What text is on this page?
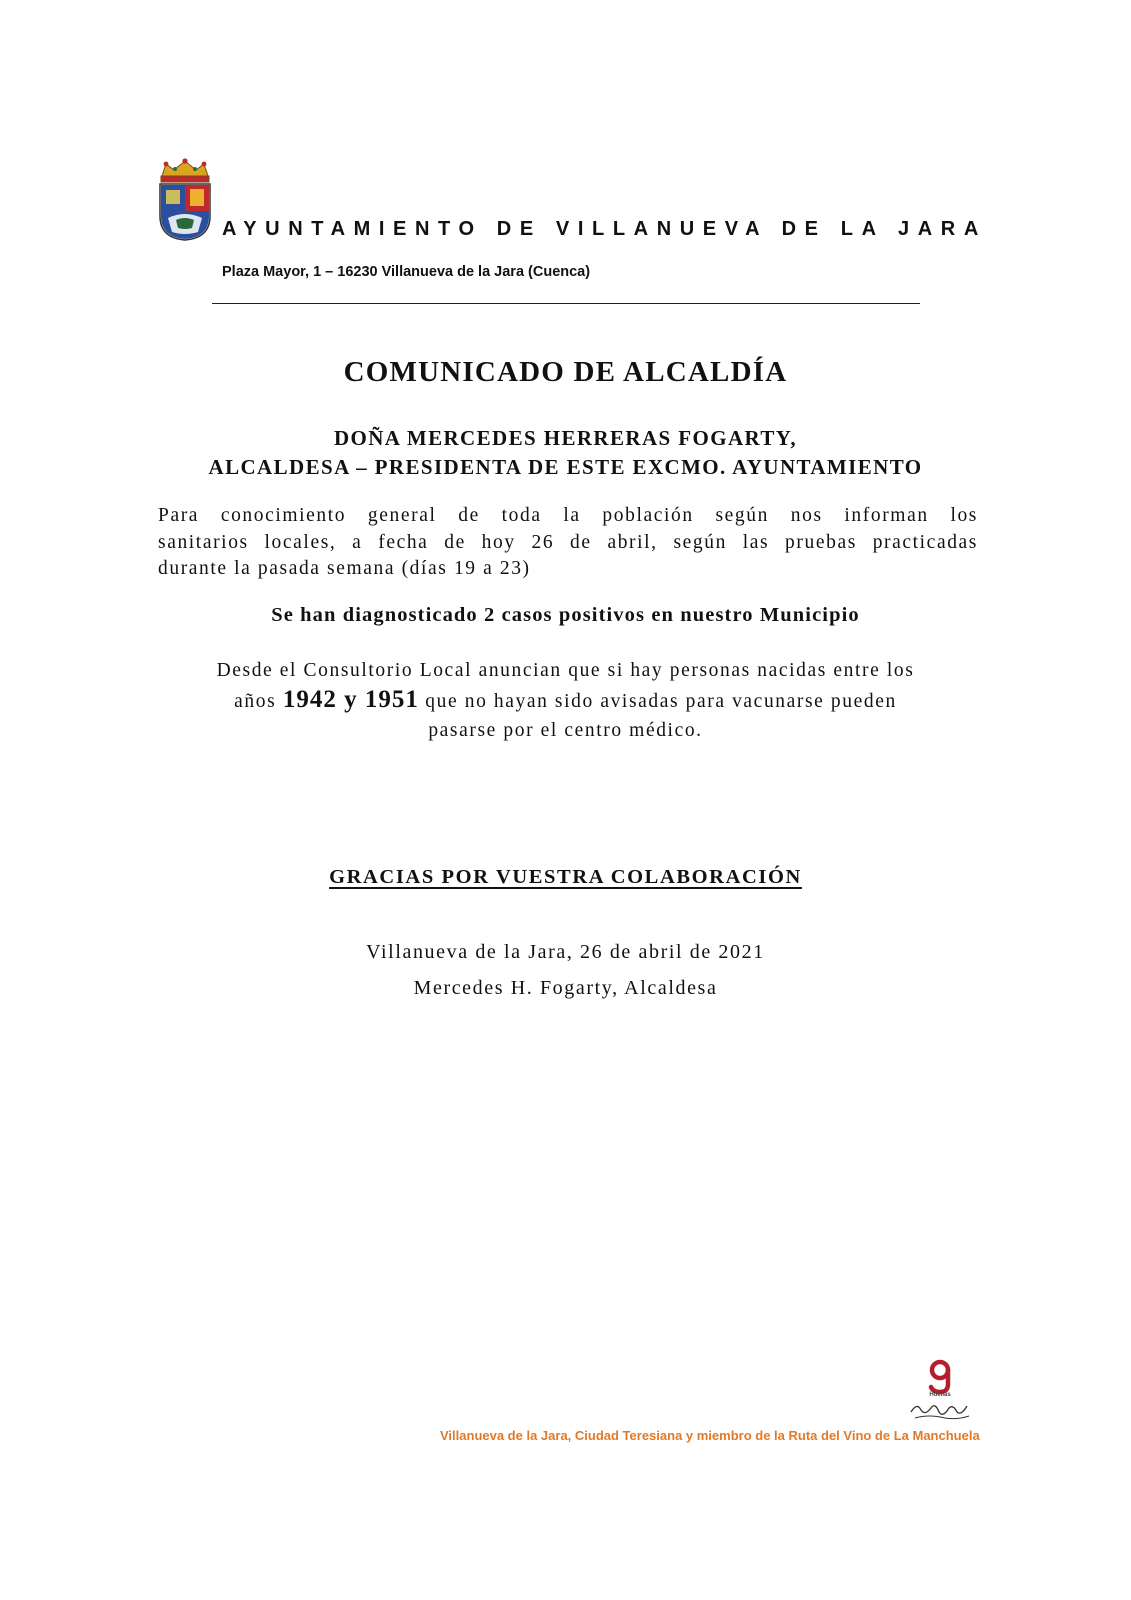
AYUNTAMIENTO DE VILLANUEVA DE LA JARA
Plaza Mayor, 1 – 16230 Villanueva de la Jara (Cuenca)
COMUNICADO DE ALCALDÍA
DOÑA MERCEDES HERRERAS FOGARTY,
ALCALDESA – PRESIDENTA DE ESTE EXCMO. AYUNTAMIENTO
Para conocimiento general de toda la población según nos informan los
sanitarios locales, a fecha de hoy 26 de abril, según las pruebas practicadas
durante la pasada semana (días 19 a 23)
Se han diagnosticado 2 casos positivos en nuestro Municipio
Desde el Consultorio Local anuncian que si hay personas nacidas entre los
años 1942 y 1951 que no hayan sido avisadas para vacunarse pueden
pasarse por el centro médico.
GRACIAS POR VUESTRA COLABORACIÓN
Villanueva de la Jara, 26 de abril de 2021
Mercedes H. Fogarty, Alcaldesa
Huellas
Villanueva de la Jara, Ciudad Teresiana y miembro de la Ruta del Vino de La Manchuela
